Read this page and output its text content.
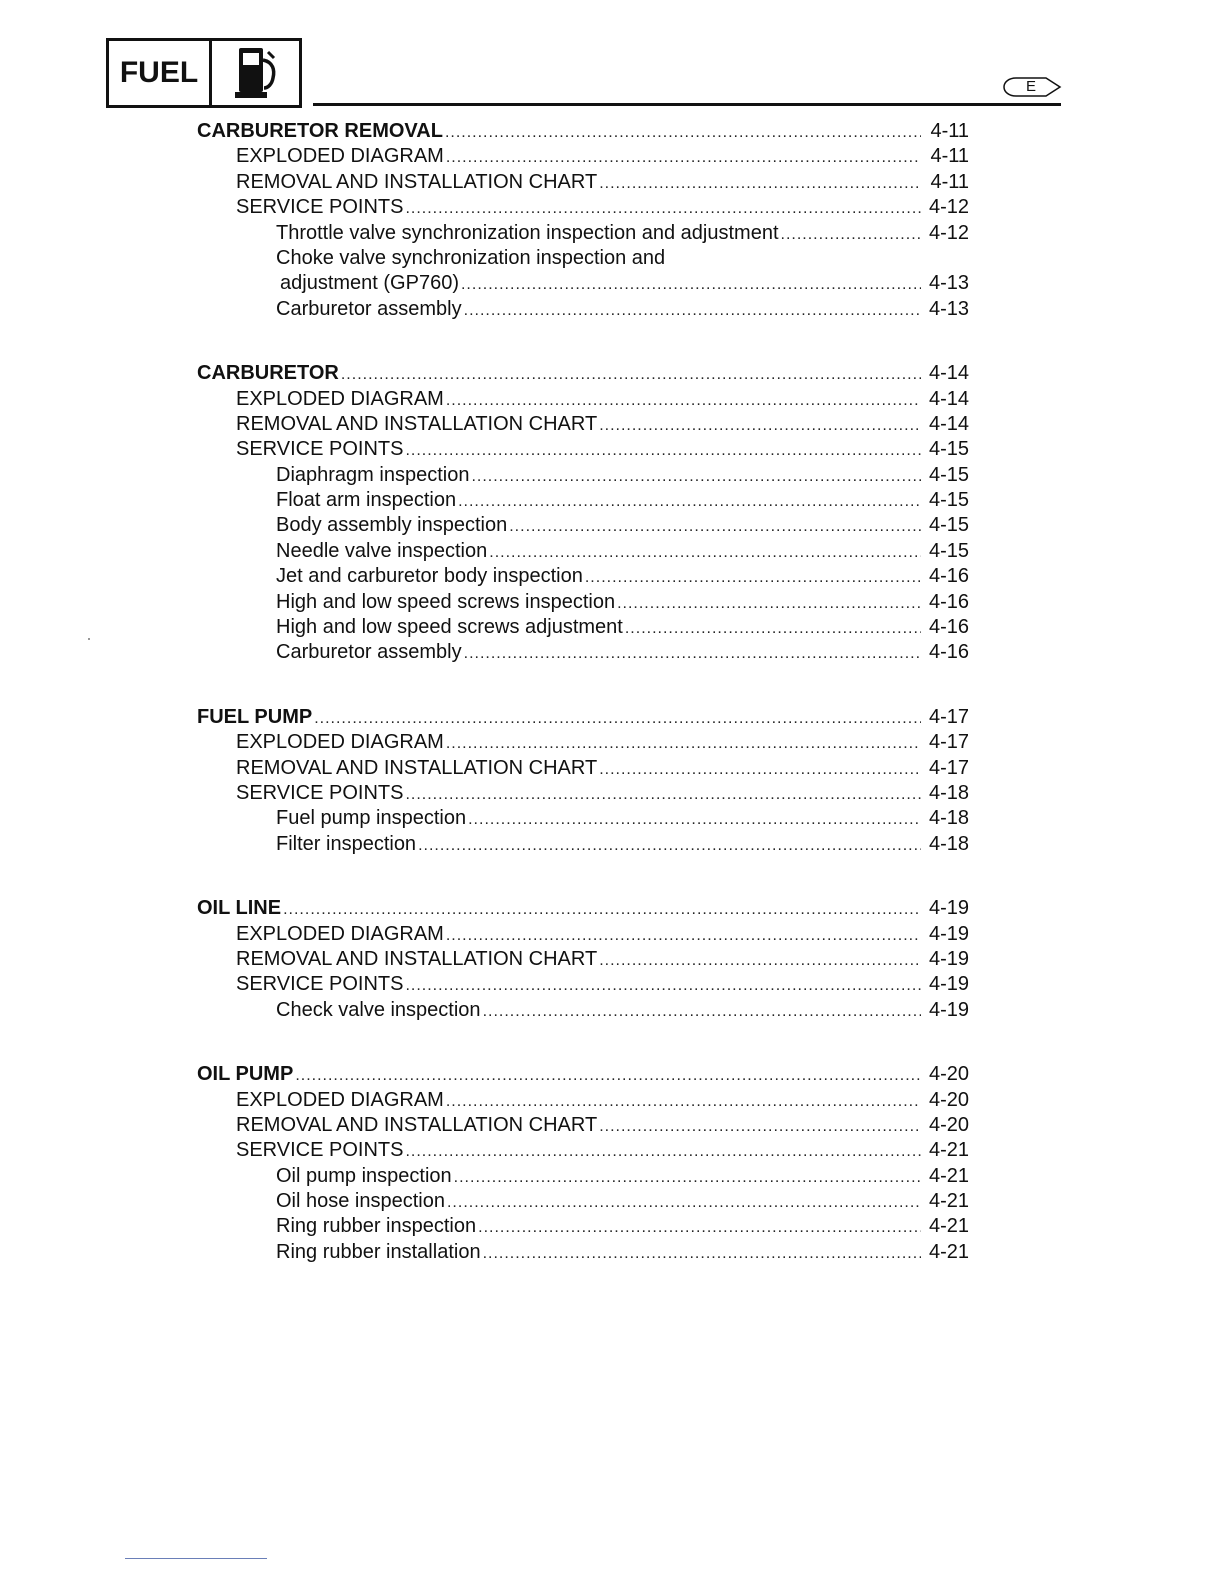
FUEL	E
CARBURETOR REMOVAL .....	4-11
EXPLODED DIAGRAM .....	4-11
REMOVAL AND INSTALLATION CHART .....	4-11
SERVICE POINTS .....	4-12
Throttle valve synchronization inspection and adjustment .....	4-12
Choke valve synchronization inspection and
adjustment (GP760) .....	4-13
Carburetor assembly .....	4-13
CARBURETOR .....	4-14
EXPLODED DIAGRAM .....	4-14
REMOVAL AND INSTALLATION CHART .....	4-14
SERVICE POINTS .....	4-15
Diaphragm inspection .....	4-15
Float arm inspection .....	4-15
Body assembly inspection .....	4-15
Needle valve inspection .....	4-15
Jet and carburetor body inspection .....	4-16
High and low speed screws inspection .....	4-16
High and low speed screws adjustment .....	4-16
Carburetor assembly .....	4-16
FUEL PUMP .....	4-17
EXPLODED DIAGRAM .....	4-17
REMOVAL AND INSTALLATION CHART .....	4-17
SERVICE POINTS .....	4-18
Fuel pump inspection .....	4-18
Filter inspection .....	4-18
OIL LINE .....	4-19
EXPLODED DIAGRAM .....	4-19
REMOVAL AND INSTALLATION CHART .....	4-19
SERVICE POINTS .....	4-19
Check valve inspection .....	4-19
OIL PUMP .....	4-20
EXPLODED DIAGRAM .....	4-20
REMOVAL AND INSTALLATION CHART .....	4-20
SERVICE POINTS .....	4-21
Oil pump inspection .....	4-21
Oil hose inspection .....	4-21
Ring rubber inspection .....	4-21
Ring rubber installation .....	4-21
